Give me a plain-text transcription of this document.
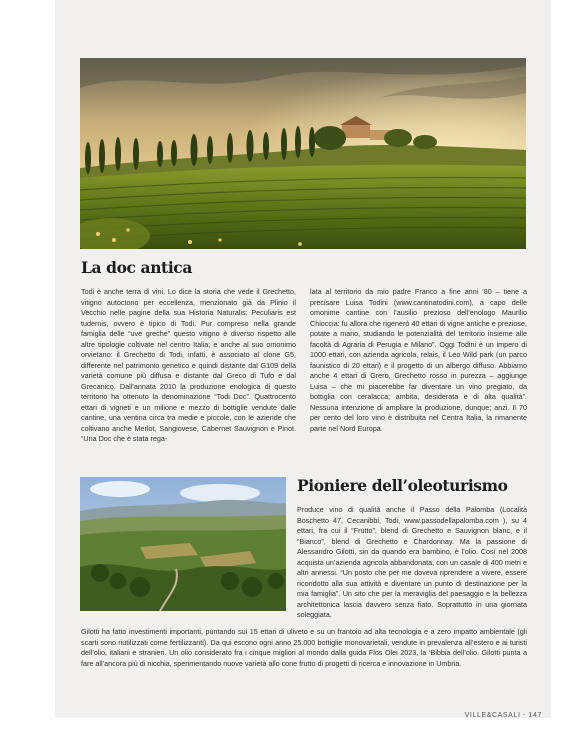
La doc antica

Todi è anche terra di vini. Lo dice la storia che vede il Grechetto, vitigno autoctono per eccellenza, menzionato già da Plinio il Vecchio nelle pagine della sua Historia Naturalis: Peculiaris est tudernis, ovvero è tipico di Todi. Pur compreso nella grande famiglia delle “uve greche” questo vitigno è diverso rispetto alle altre tipologie coltivate nel centro Italia; e anche al suo omonimo orvietano: il Grechetto di Todi, infatti, è associato al clone G5, differente nel patrimonio genetico e quindi distante dal G109 della varietà comune più diffusa e distante dal Greco di Tufo e dal Grecanico. Dall’annata 2010 la produzione enologica di questo territorio ha ottenuto la denominazione “Todi Doc”. Quattrocento ettari di vigneti e un milione e mezzo di bottiglie vendute dalle cantine, una ventina circa tra medie e piccole, con le aziende che coltivano anche Merlot, Sangiovese, Cabernet Sauvignon e Pinot. “Una Doc che è stata rega-

lata al territorio da mio padre Franco a fine anni ’80 – tiene a precisare Luisa Todini (www.cantinatodini.com), a capo delle omonime cantine con l’ausilio prezioso dell’enologo Maurilio Chioccia: fu allora che rigenerò 40 ettari di vigne antiche e preziose, potate a mano, studiando le potenzialità del territorio insieme alle facoltà di Agraria di Perugia e Milano”. Oggi Todini è un impero di 1000 ettari, con azienda agricola, relais, il Leo Wild park (un parco faunistico di 20 ettari) e il progetto di un albergo diffuso. Abbiamo anche 4 ettari di Grero, Grechetto rosso in purezza – aggiunge Luisa – che mi piacerebbe far diventare un vino pregiato, da bottiglia con ceralacca; ambita, desiderata e di alta qualità”. Nessuna intenzione di ampliare la produzione, dunque; anzi. Il 70 per cento del loro vino è distribuita nel Centra Italia, la rimanente parte nel Nord Europa.

Pioniere dell’oleoturismo

Produce vino di qualità anche il Passo della Palomba (Località Boschetto 47, Cecanibbi, Todi, www.passodellapalomba.com ), su 4 ettari, fra cui il “Frutto”, blend di Grechetto e Sauvignon blanc, e il “Bianco”, blend di Grechetto e Chardonnay. Ma la passione di Alessandro Gilotti, sin da quando era bambino, è l’olio. Così nel 2008 acquista un’azienda agricola abbandonata, con un casale di 400 metri e altri annessi. “Un posto che per me doveva riprendere a vivere, essere ricondotto alla sua attività e diventare un punto di destinazione per la mia famiglia”. Un sito che per la meraviglia del paesaggio e la bellezza architettonica lascia davvero senza fiato. Soprattutto in una giornata soleggiata.

Gilotti ha fatto investimenti importanti, puntando sui 15 ettari di uliveto e su un frantoio ad alta tecnologia e a zero impatto ambientale (gli scarti sono riutilizzati come fertilizzanti). Da qui escono ogni anno 25.000 bottiglie monovarietali, vendute in prevalenza all’estero e ai turisti dell’olio, italiani e stranieri. Un olio considerato fra i cinque migliori al mondo dalla guida Flos Olei 2023, la ‘Bibbia dell’olio. Gilotti punta a fare all’ancora più di nicchia, sperimentando nuove varietà allo cone frutto di progetti di ricerca e innovazione in Umbria.

VILLE&CASALI - 147
